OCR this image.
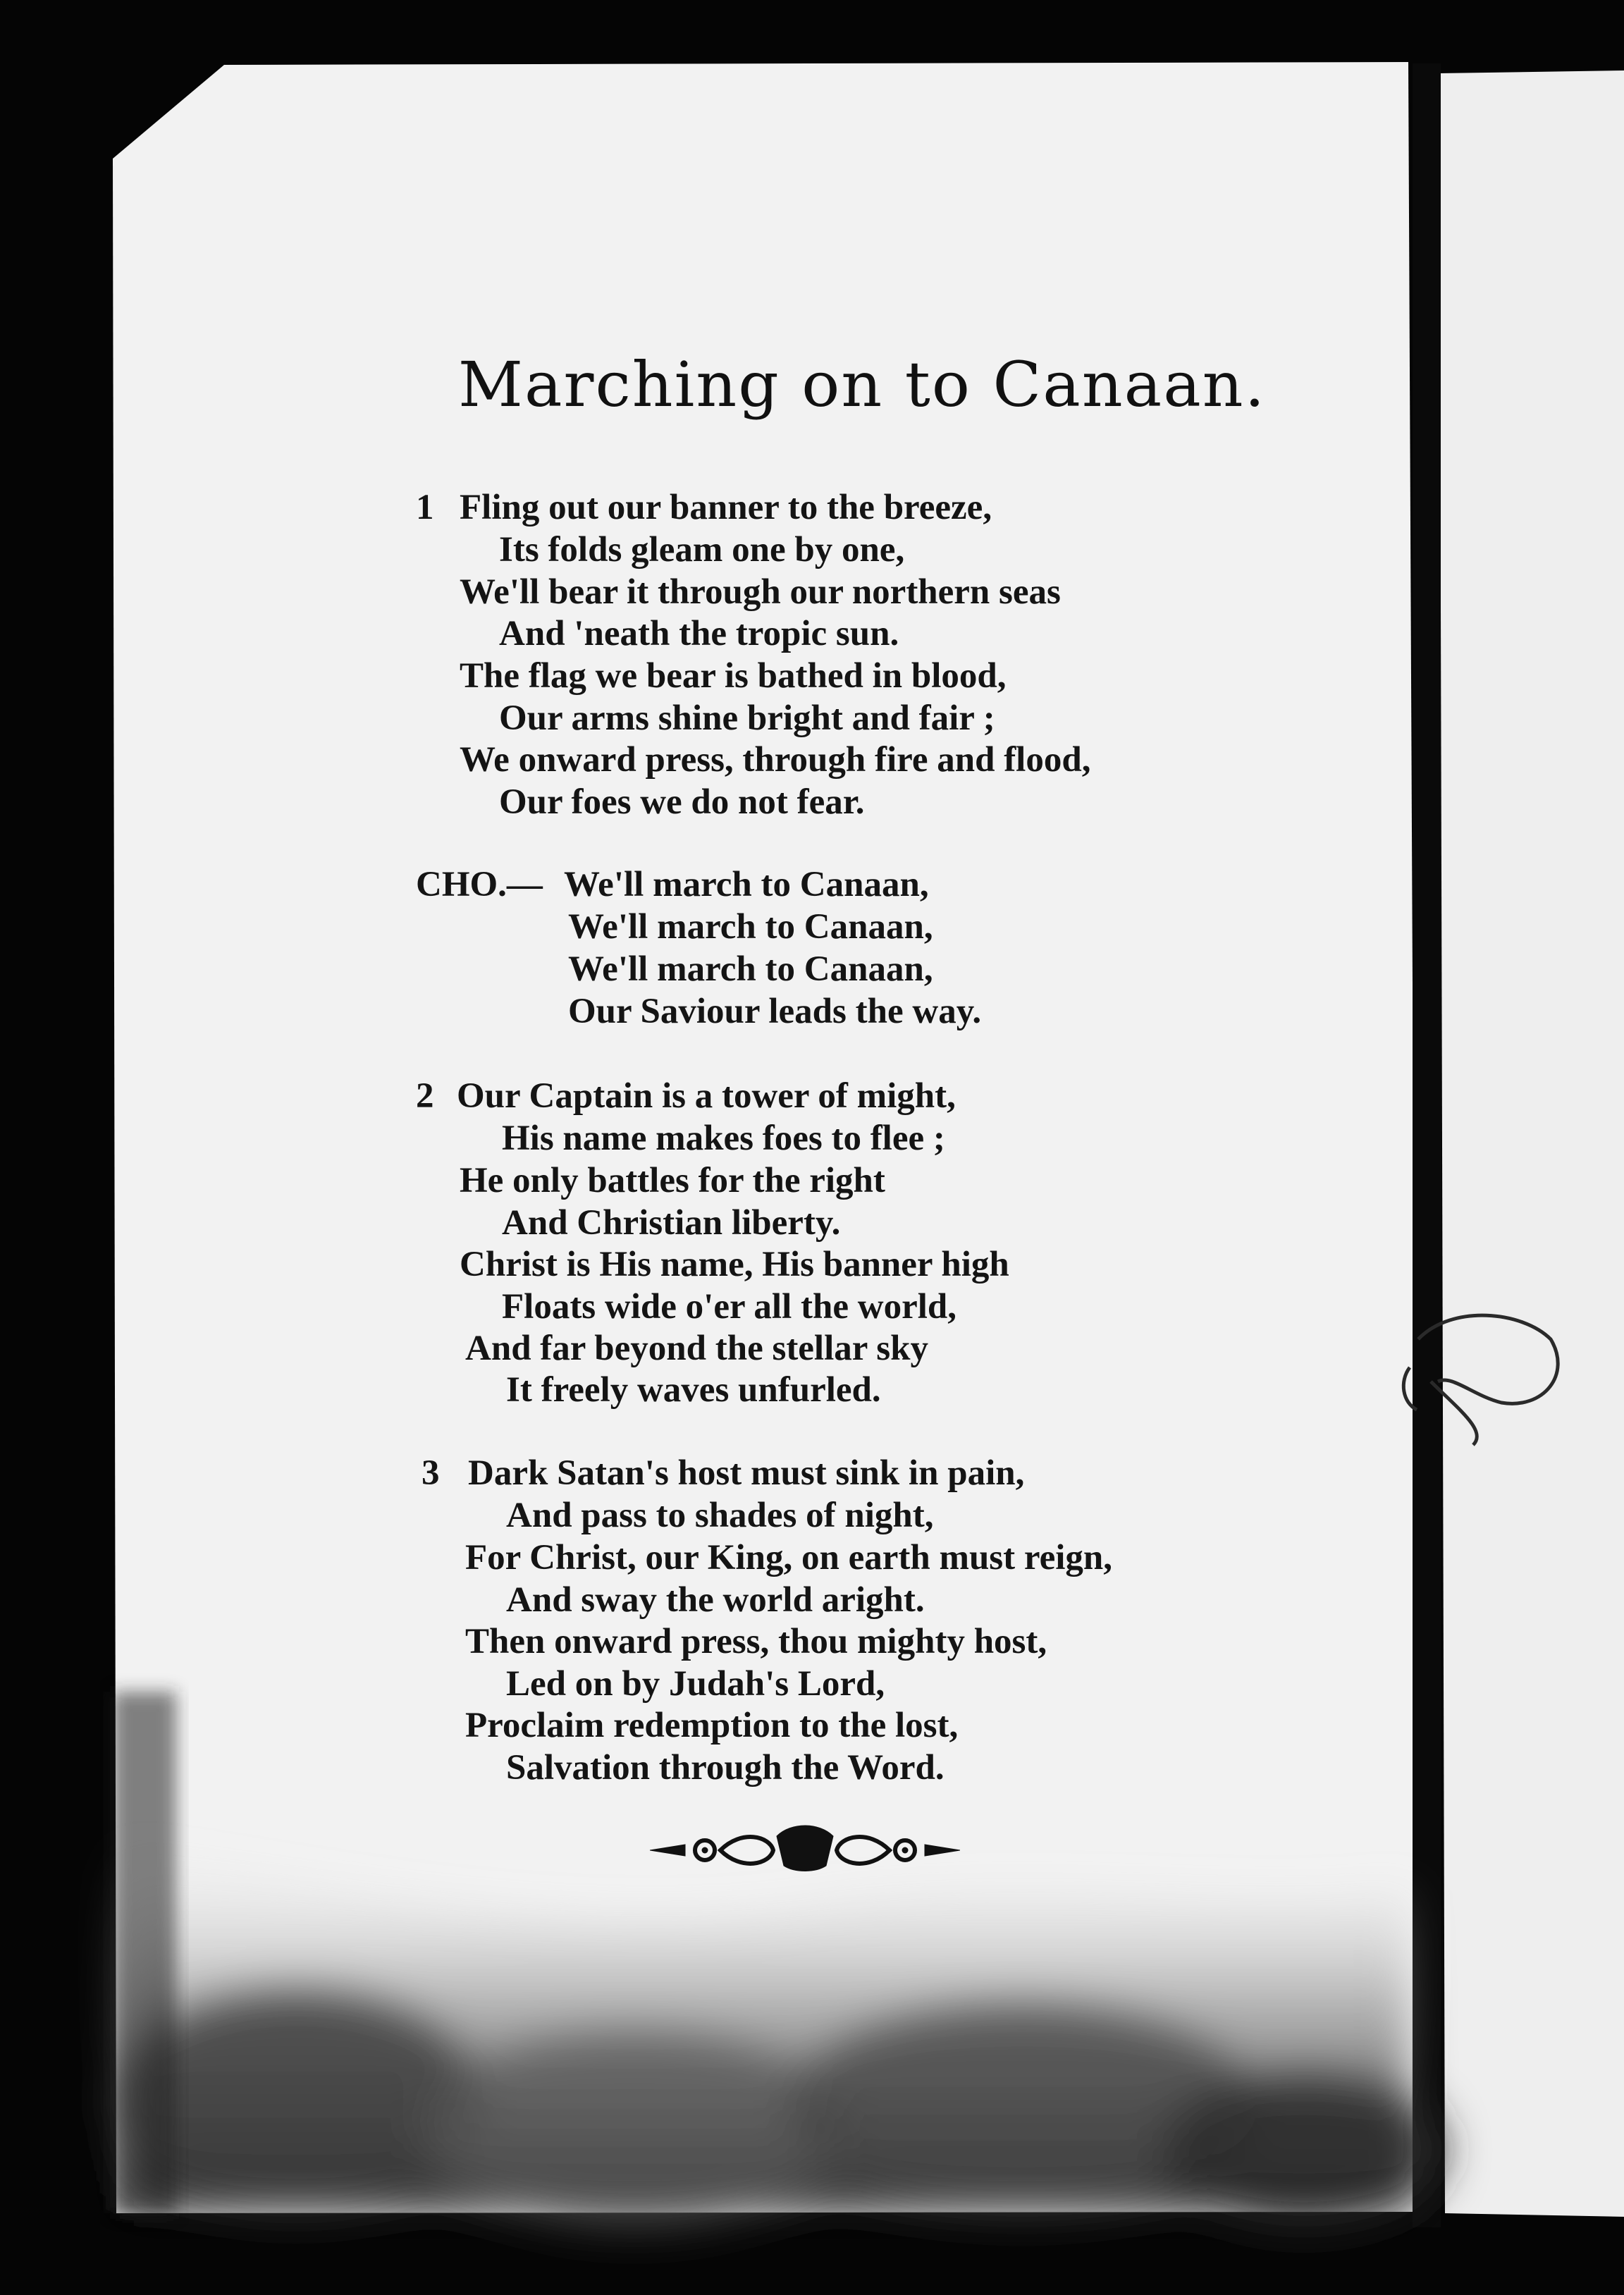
Marching on to Canaan.
1 Fling out our banner to the breeze,
Its folds gleam one by one,
We'll bear it through our northern seas
And 'neath the tropic sun.
The flag we bear is bathed in blood,
Our arms shine bright and fair ;
We onward press, through fire and flood,
Our foes we do not fear.
CHO.— We'll march to Canaan,
We'll march to Canaan,
We'll march to Canaan,
Our Saviour leads the way.
2 Our Captain is a tower of might,
His name makes foes to flee ;
He only battles for the right
And Christian liberty.
Christ is His name, His banner high
Floats wide o'er all the world,
And far beyond the stellar sky
It freely waves unfurled.
3 Dark Satan's host must sink in pain,
And pass to shades of night,
For Christ, our King, on earth must reign,
And sway the world aright.
Then onward press, thou mighty host,
Led on by Judah's Lord,
Proclaim redemption to the lost,
Salvation through the Word.
